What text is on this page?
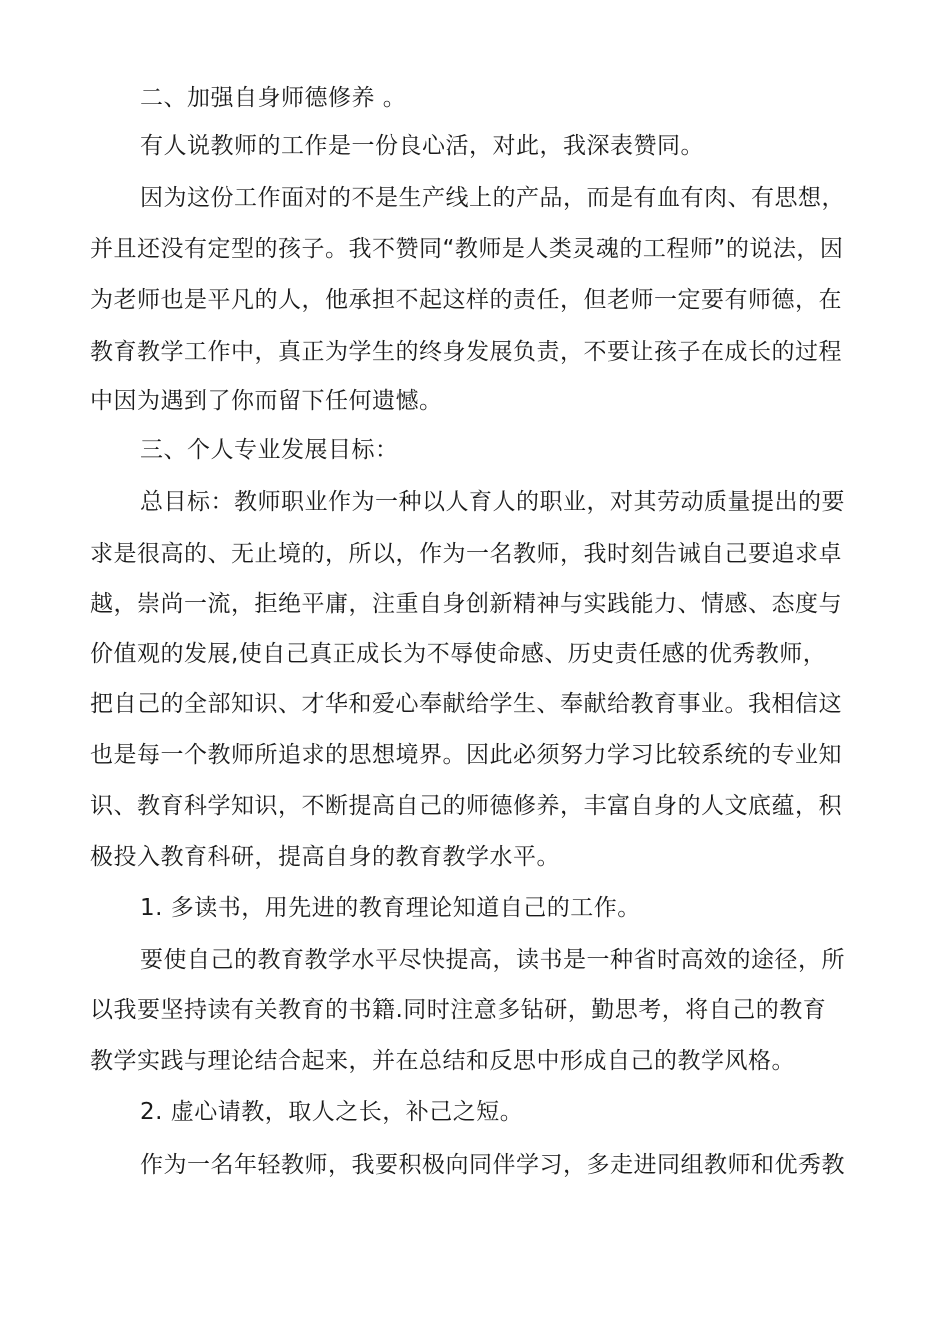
二、加强自身师德修养 。
有人说教师的工作是一份良心活，对此，我深表赞同。
因为这份工作面对的不是生产线上的产品，而是有血有肉、有思想，
并且还没有定型的孩子。我不赞同“教师是人类灵魂的工程师”的说法，因
为老师也是平凡的人，他承担不起这样的责任，但老师一定要有师德，在
教育教学工作中，真正为学生的终身发展负责，不要让孩子在成长的过程
中因为遇到了你而留下任何遗憾。
三、个人专业发展目标：
总目标：教师职业作为一种以人育人的职业，对其劳动质量提出的要
求是很高的、无止境的，所以，作为一名教师，我时刻告诫自己要追求卓
越，崇尚一流，拒绝平庸，注重自身创新精神与实践能力、情感、态度与
价值观的发展,使自己真正成长为不辱使命感、历史责任感的优秀教师，
把自己的全部知识、才华和爱心奉献给学生、奉献给教育事业。我相信这
也是每一个教师所追求的思想境界。因此必须努力学习比较系统的专业知
识、教育科学知识，不断提高自己的师德修养，丰富自身的人文底蕴，积
极投入教育科研，提高自身的教育教学水平。
1. 多读书，用先进的教育理论知道自己的工作。
要使自己的教育教学水平尽快提高，读书是一种省时高效的途径，所
以我要坚持读有关教育的书籍.同时注意多钻研，勤思考，将自己的教育
教学实践与理论结合起来，并在总结和反思中形成自己的教学风格。
2. 虚心请教，取人之长，补己之短。
作为一名年轻教师，我要积极向同伴学习，多走进同组教师和优秀教
